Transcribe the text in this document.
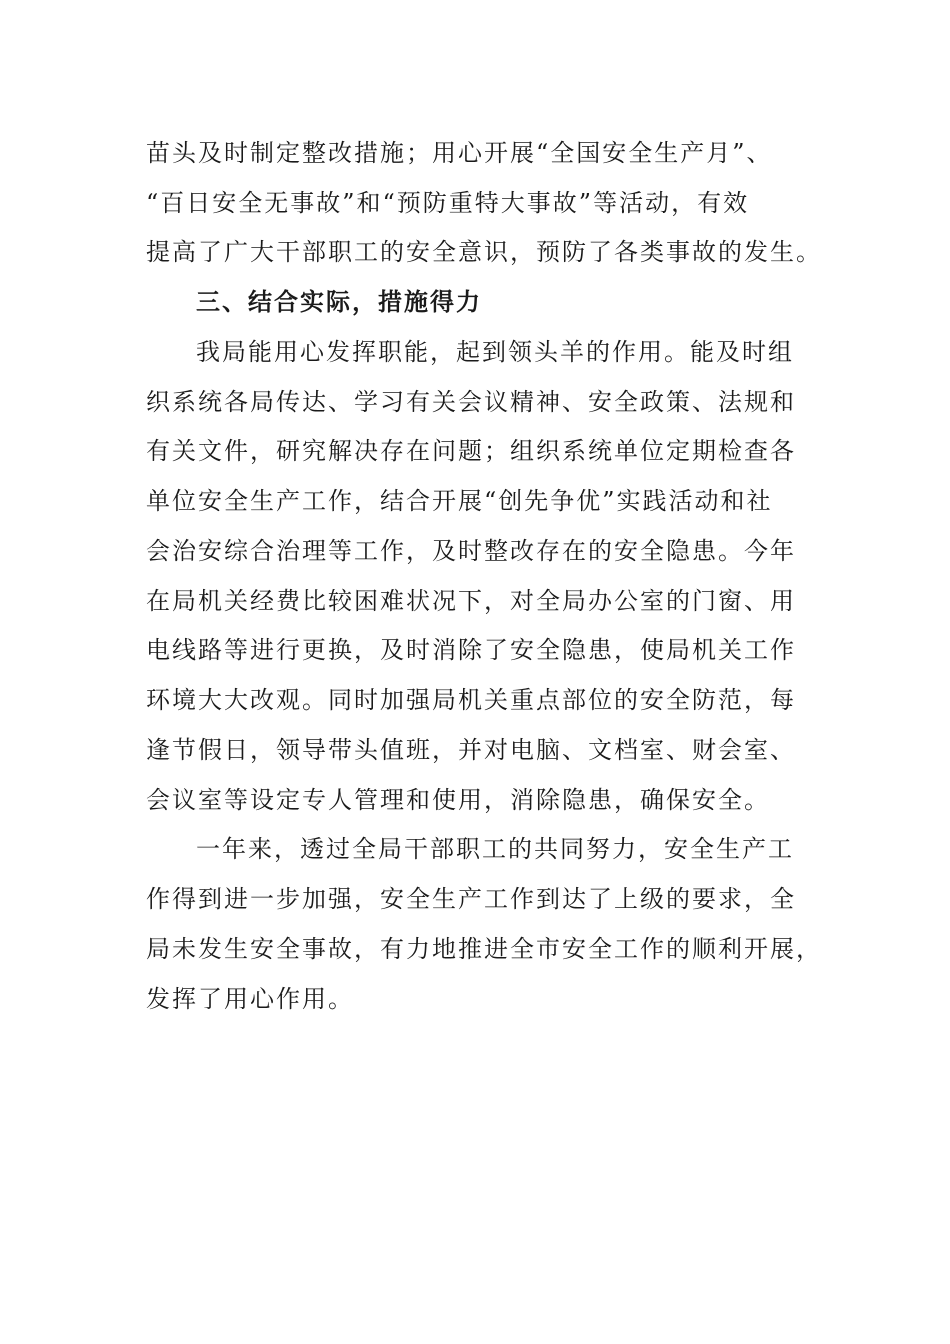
苗头及时制定整改措施；用心开展“全国安全生产月”、
“百日安全无事故”和“预防重特大事故”等活动，有效
提高了广大干部职工的安全意识，预防了各类事故的发生。
三、结合实际，措施得力
我局能用心发挥职能，起到领头羊的作用。能及时组
织系统各局传达、学习有关会议精神、安全政策、法规和
有关文件，研究解决存在问题；组织系统单位定期检查各
单位安全生产工作，结合开展“创先争优”实践活动和社
会治安综合治理等工作，及时整改存在的安全隐患。今年
在局机关经费比较困难状况下，对全局办公室的门窗、用
电线路等进行更换，及时消除了安全隐患，使局机关工作
环境大大改观。同时加强局机关重点部位的安全防范，每
逢节假日，领导带头值班，并对电脑、文档室、财会室、
会议室等设定专人管理和使用，消除隐患，确保安全。
一年来，透过全局干部职工的共同努力，安全生产工
作得到进一步加强，安全生产工作到达了上级的要求，全
局未发生安全事故，有力地推进全市安全工作的顺利开展，
发挥了用心作用。
